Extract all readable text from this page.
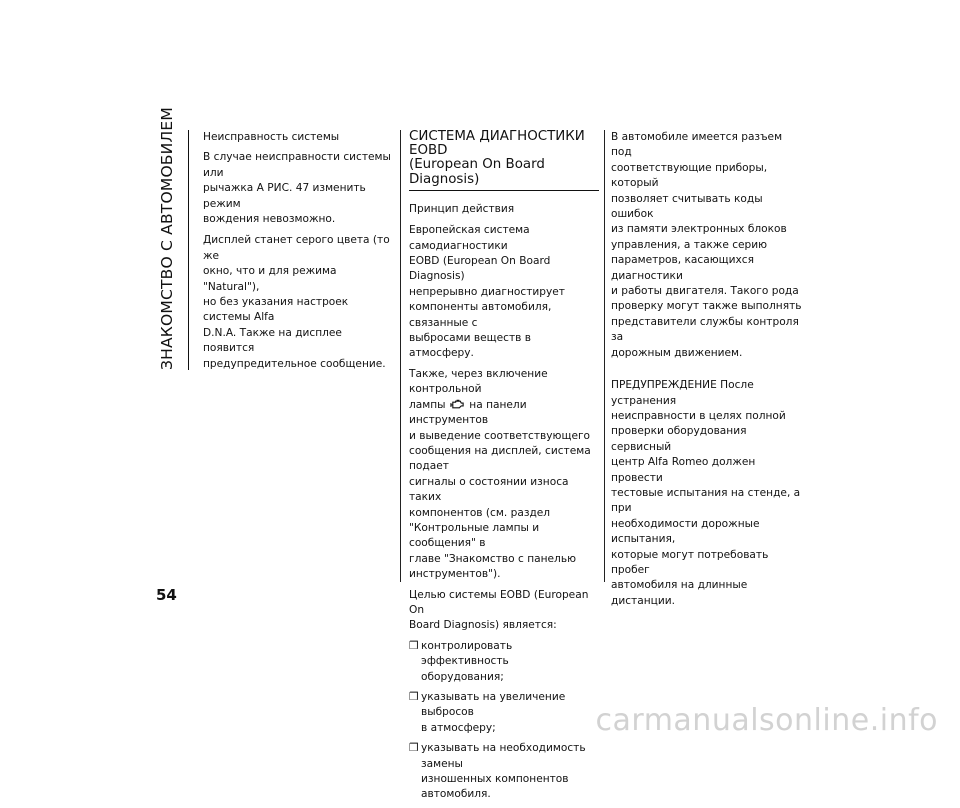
ЗНАКОМСТВО С АВТОМОБИЛЕМ	Неисправность системы

В случае неисправности системы или
рычажка A РИС. 47 изменить режим
вождения невозможно.

Дисплей станет серого цвета (то же
окно, что и для режима "Natural"),
но без указания настроек системы Alfa
D.N.A. Также на дисплее появится
предупредительное сообщение.

СИСТЕМА ДИАГНОСТИКИ EOBD
(European On Board Diagnosis)

Принцип действия

Европейская система самодиагностики
EOBD (European On Board Diagnosis)
непрерывно диагностирует
компоненты автомобиля, связанные с
выбросами веществ в атмосферу.

Также, через включение контрольной
лампы  на панели инструментов
и выведение соответствующего
сообщения на дисплей, система подает
сигналы о состоянии износа таких
компонентов (см. раздел
"Контрольные лампы и сообщения" в
главе "Знакомство с панелью
инструментов").

Целью системы EOBD (European On
Board Diagnosis) является:

❒ контролировать эффективность
оборудования;
❒ указывать на увеличение выбросов
в атмосферу;
❒ указывать на необходимость замены
изношенных компонентов
автомобиля.

В автомобиле имеется разъем под
соответствующие приборы, который
позволяет считывать коды ошибок
из памяти электронных блоков
управления, а также серию
параметров, касающихся диагностики
и работы двигателя. Такого рода
проверку могут также выполнять
представители службы контроля за
дорожным движением.

ПРЕДУПРЕЖДЕНИЕ После устранения
неисправности в целях полной
проверки оборудования сервисный
центр Alfa Romeo должен провести
тестовые испытания на стенде, а при
необходимости дорожные испытания,
которые могут потребовать пробег
автомобиля на длинные дистанции.

54
carmanualsonline.info
